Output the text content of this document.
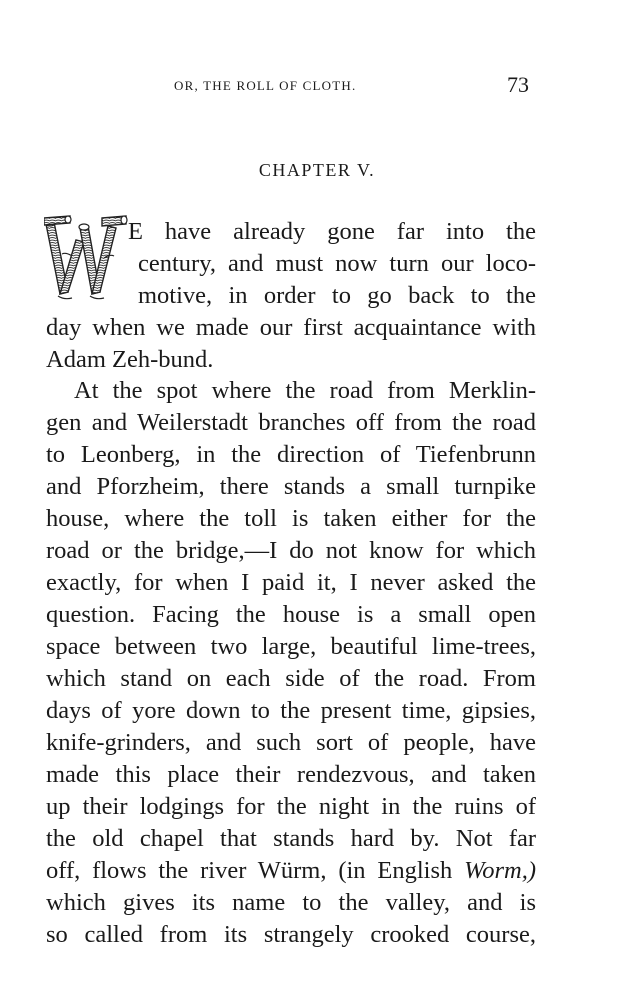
OR, THE ROLL OF CLOTH.	73
CHAPTER V.
E have already gone far into the
century, and must now turn our loco-
motive, in order to go back to the
day when we made our first acquaintance with
Adam Zeh-bund.
At the spot where the road from Merklin-
gen and Weilerstadt branches off from the road
to Leonberg, in the direction of Tiefenbrunn
and Pforzheim, there stands a small turnpike
house, where the toll is taken either for the
road or the bridge,—I do not know for which
exactly, for when I paid it, I never asked the
question. Facing the house is a small open
space between two large, beautiful lime-trees,
which stand on each side of the road. From
days of yore down to the present time, gipsies,
knife-grinders, and such sort of people, have
made this place their rendezvous, and taken
up their lodgings for the night in the ruins of
the old chapel that stands hard by. Not far
off, flows the river Würm, (in English Worm,)
which gives its name to the valley, and is
so called from its strangely crooked course,
